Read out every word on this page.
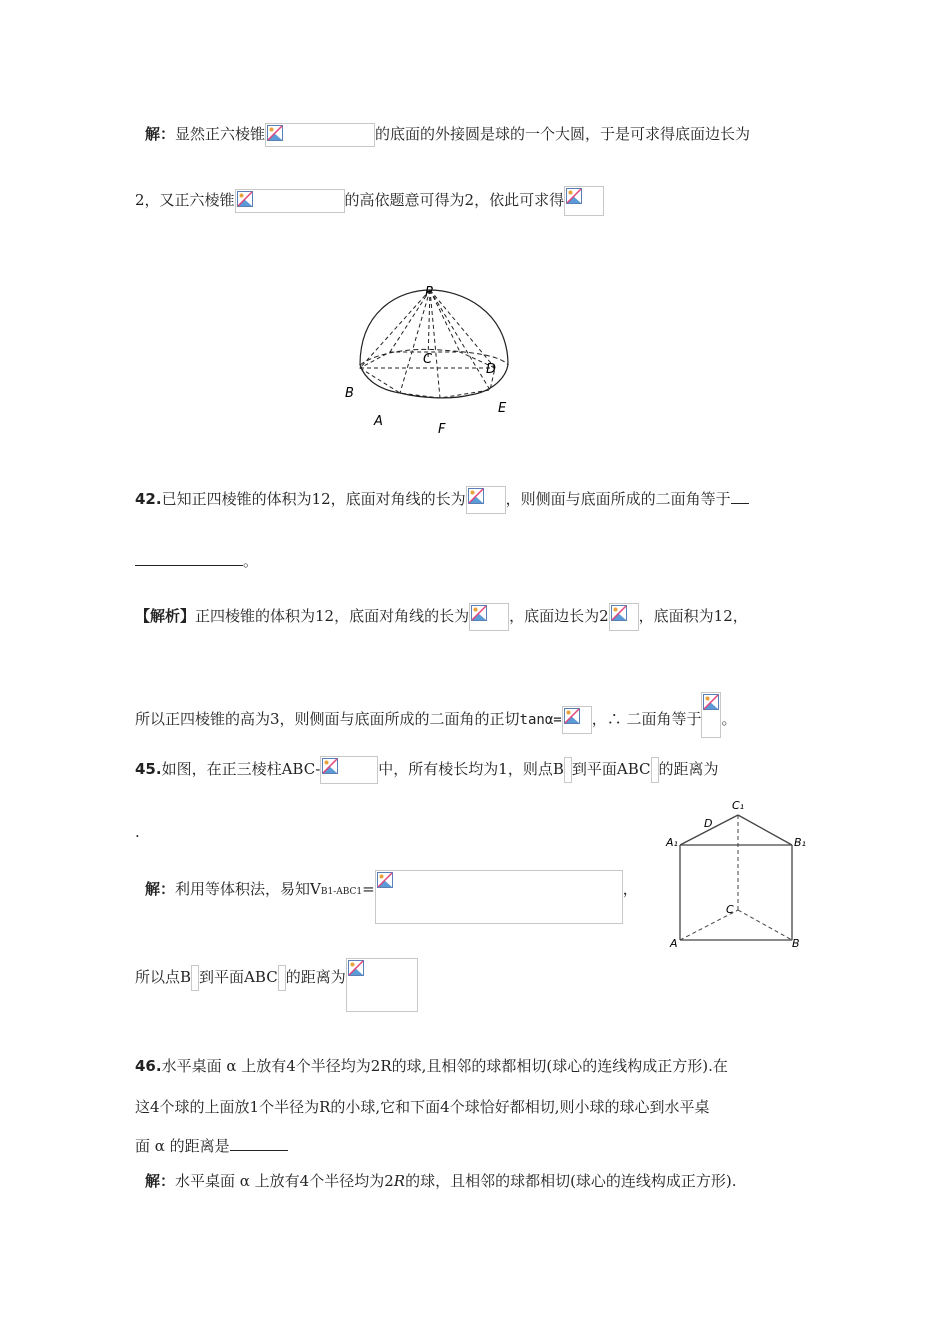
解：显然正六棱锥	的底面的外接圆是球的一个大圆，于是可求得底面边长为
2，又正六棱锥	的高依题意可得为2，依此可求得
P
C
D
B
E
A
F
42.已知正四棱锥的体积为12，底面对角线的长为	，则侧面与底面所成的二面角等于
。
【解析】正四棱锥的体积为12，底面对角线的长为	，底面边长为2 ，底面积为12，
所以正四棱锥的高为3，则侧面与底面所成的二面角的正切tanα= ，∴ 二面角等于 。
45.如图，在正三棱柱ABC-	中，所有棱长均为1，则点B 到平面ABC 的距离为
.
解：利用等体积法，易知VB1-ABC1=	，
所以点B 到平面ABC 的距离为
C₁
D
A₁	B₁
C
A	B
46.水平桌面 α 上放有4个半径均为2R的球,且相邻的球都相切(球心的连线构成正方形).在
这4个球的上面放1个半径为R的小球,它和下面4个球恰好都相切,则小球的球心到水平桌
面 α 的距离是
解：水平桌面 α 上放有4个半径均为2R的球，且相邻的球都相切(球心的连线构成正方形).
